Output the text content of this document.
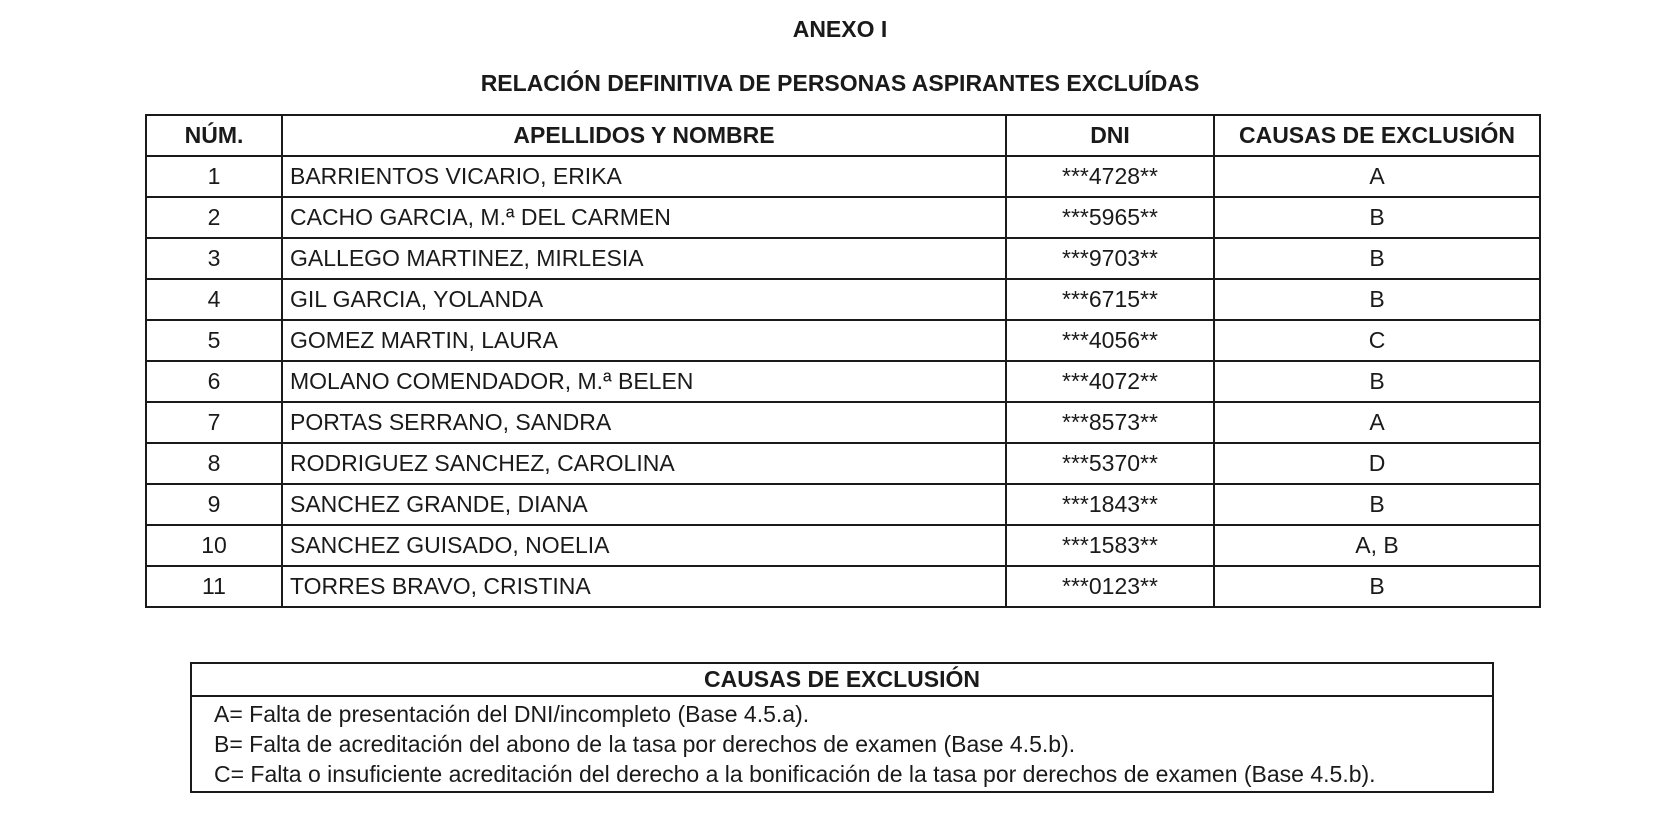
ANEXO I
RELACIÓN DEFINITIVA DE PERSONAS ASPIRANTES EXCLUÍDAS
NÚM.	APELLIDOS Y NOMBRE	DNI	CAUSAS DE EXCLUSIÓN
1	BARRIENTOS VICARIO, ERIKA	***4728**	A
2	CACHO GARCIA, M.ª DEL CARMEN	***5965**	B
3	GALLEGO MARTINEZ, MIRLESIA	***9703**	B
4	GIL GARCIA, YOLANDA	***6715**	B
5	GOMEZ MARTIN, LAURA	***4056**	C
6	MOLANO COMENDADOR, M.ª BELEN	***4072**	B
7	PORTAS SERRANO, SANDRA	***8573**	A
8	RODRIGUEZ SANCHEZ, CAROLINA	***5370**	D
9	SANCHEZ GRANDE, DIANA	***1843**	B
10	SANCHEZ GUISADO, NOELIA	***1583**	A, B
11	TORRES BRAVO, CRISTINA	***0123**	B
CAUSAS DE EXCLUSIÓN
A= Falta de presentación del DNI/incompleto (Base 4.5.a).
B= Falta de acreditación del abono de la tasa por derechos de examen (Base 4.5.b).
C= Falta o insuficiente acreditación del derecho a la bonificación de la tasa por derechos de examen (Base 4.5.b).
